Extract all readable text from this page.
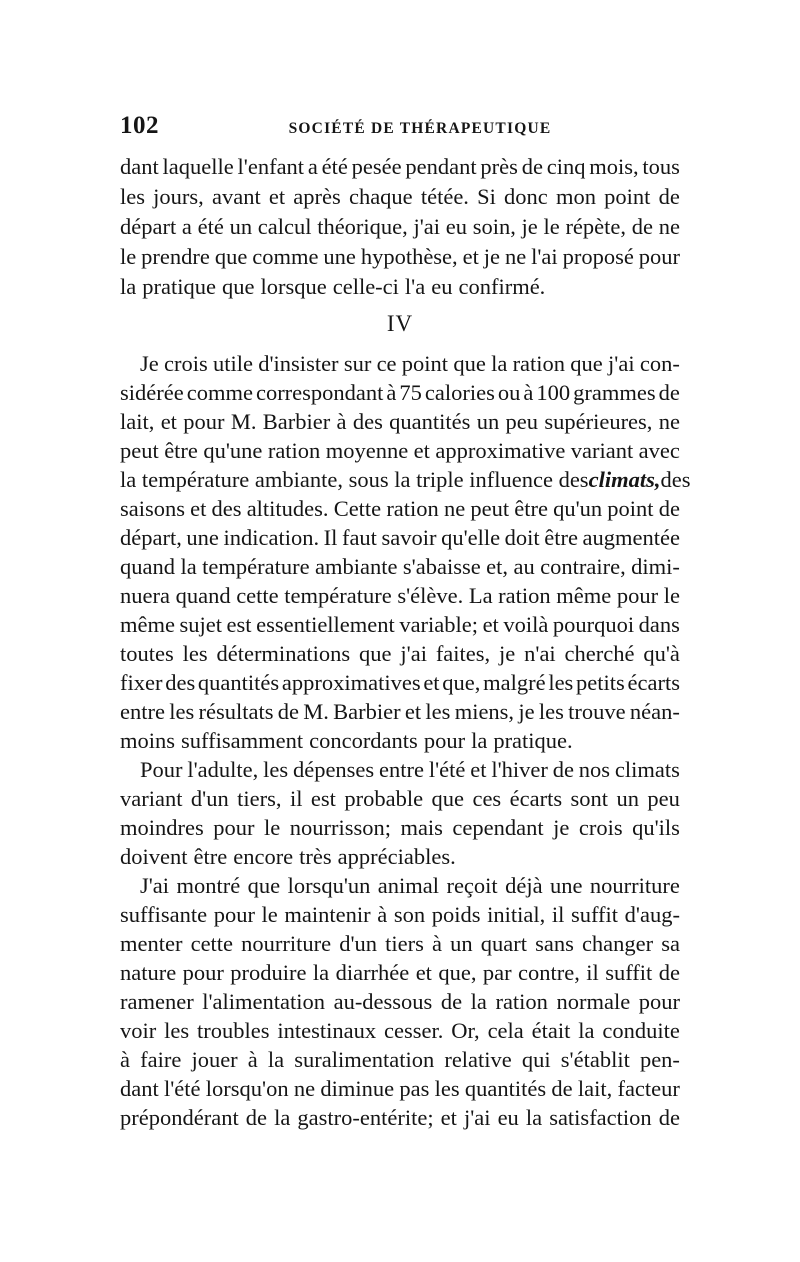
102	SOCIÉTÉ DE THÉRAPEUTIQUE
dant laquelle l'enfant a été pesée pendant près de cinq mois, tous
les jours, avant et après chaque tétée. Si donc mon point de
départ a été un calcul théorique, j'ai eu soin, je le répète, de ne
le prendre que comme une hypothèse, et je ne l'ai proposé pour
la pratique que lorsque celle-ci l'a eu confirmé.
IV
Je crois utile d'insister sur ce point que la ration que j'ai con-
sidérée comme correspondant à 75 calories ou à 100 grammes de
lait, et pour M. Barbier à des quantités un peu supérieures, ne
peut être qu'une ration moyenne et approximative variant avec
la température ambiante, sous la triple influence des climats, des
saisons et des altitudes. Cette ration ne peut être qu'un point de
départ, une indication. Il faut savoir qu'elle doit être augmentée
quand la température ambiante s'abaisse et, au contraire, dimi-
nuera quand cette température s'élève. La ration même pour le
même sujet est essentiellement variable; et voilà pourquoi dans
toutes les déterminations que j'ai faites, je n'ai cherché qu'à
fixer des quantités approximatives et que, malgré les petits écarts
entre les résultats de M. Barbier et les miens, je les trouve néan-
moins suffisamment concordants pour la pratique.
Pour l'adulte, les dépenses entre l'été et l'hiver de nos climats
variant d'un tiers, il est probable que ces écarts sont un peu
moindres pour le nourrisson; mais cependant je crois qu'ils
doivent être encore très appréciables.
J'ai montré que lorsqu'un animal reçoit déjà une nourriture
suffisante pour le maintenir à son poids initial, il suffit d'aug-
menter cette nourriture d'un tiers à un quart sans changer sa
nature pour produire la diarrhée et que, par contre, il suffit de
ramener l'alimentation au-dessous de la ration normale pour
voir les troubles intestinaux cesser. Or, cela était la conduite
à faire jouer à la suralimentation relative qui s'établit pen-
dant l'été lorsqu'on ne diminue pas les quantités de lait, facteur
prépondérant de la gastro-entérite; et j'ai eu la satisfaction de
